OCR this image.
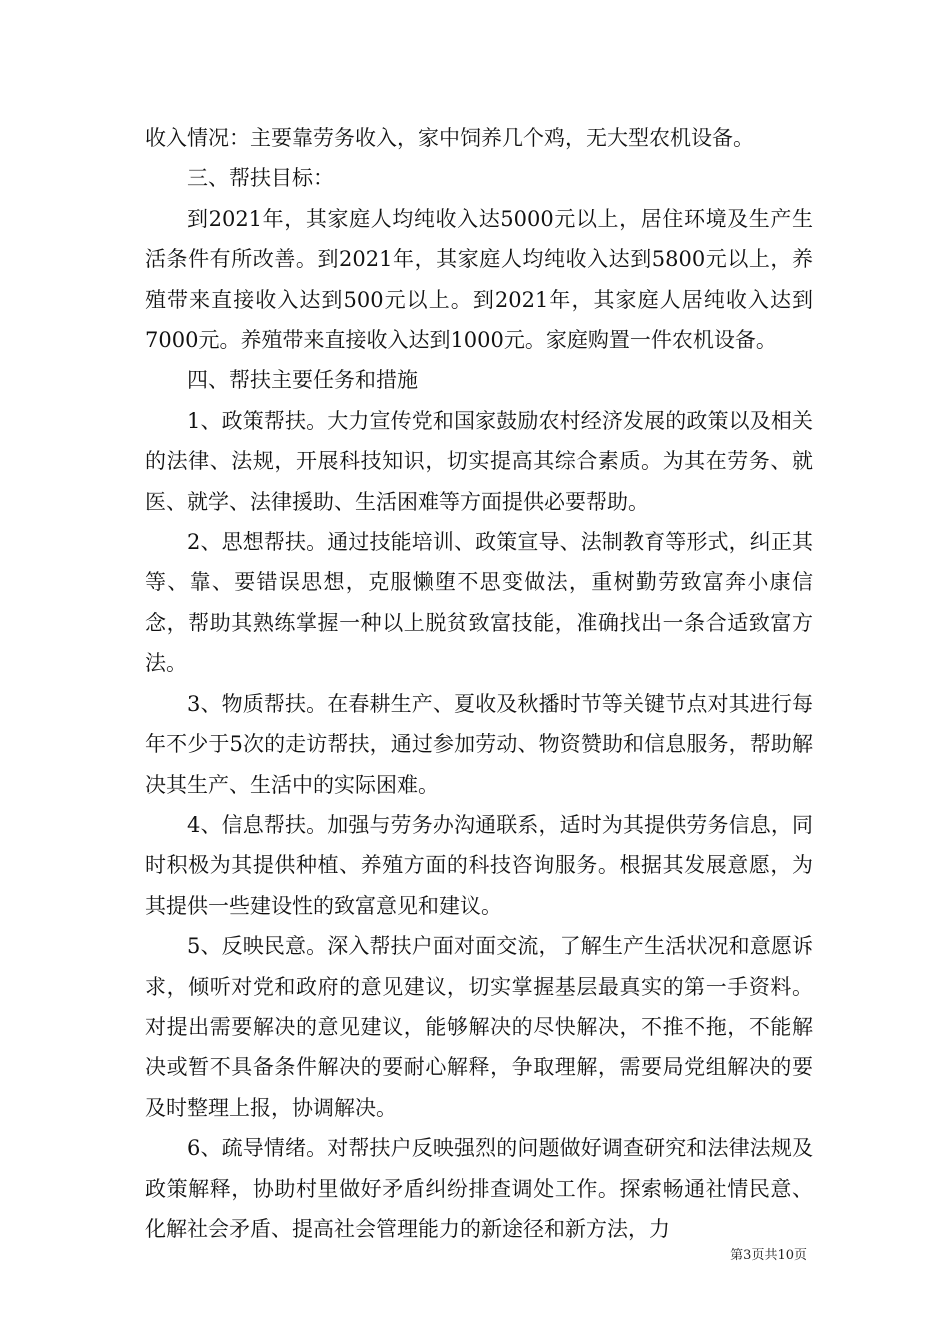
收入情况：主要靠劳务收入，家中饲养几个鸡，无大型农机设备。

三、帮扶目标：

到2021年，其家庭人均纯收入达5000元以上，居住环境及生产生活条件有所改善。到2021年，其家庭人均纯收入达到5800元以上，养殖带来直接收入达到500元以上。到2021年，其家庭人居纯收入达到7000元。养殖带来直接收入达到1000元。家庭购置一件农机设备。

四、帮扶主要任务和措施

1、政策帮扶。大力宣传党和国家鼓励农村经济发展的政策以及相关的法律、法规，开展科技知识，切实提高其综合素质。为其在劳务、就医、就学、法律援助、生活困难等方面提供必要帮助。

2、思想帮扶。通过技能培训、政策宣导、法制教育等形式，纠正其等、靠、要错误思想，克服懒堕不思变做法，重树勤劳致富奔小康信念，帮助其熟练掌握一种以上脱贫致富技能，准确找出一条合适致富方法。

3、物质帮扶。在春耕生产、夏收及秋播时节等关键节点对其进行每年不少于5次的走访帮扶，通过参加劳动、物资赞助和信息服务，帮助解决其生产、生活中的实际困难。

4、信息帮扶。加强与劳务办沟通联系，适时为其提供劳务信息，同时积极为其提供种植、养殖方面的科技咨询服务。根据其发展意愿，为其提供一些建设性的致富意见和建议。

5、反映民意。深入帮扶户面对面交流，了解生产生活状况和意愿诉求，倾听对党和政府的意见建议，切实掌握基层最真实的第一手资料。对提出需要解决的意见建议，能够解决的尽快解决，不推不拖，不能解决或暂不具备条件解决的要耐心解释，争取理解，需要局党组解决的要及时整理上报，协调解决。

6、疏导情绪。对帮扶户反映强烈的问题做好调查研究和法律法规及政策解释，协助村里做好矛盾纠纷排查调处工作。探索畅通社情民意、化解社会矛盾、提高社会管理能力的新途径和新方法，力

第3页共10页
